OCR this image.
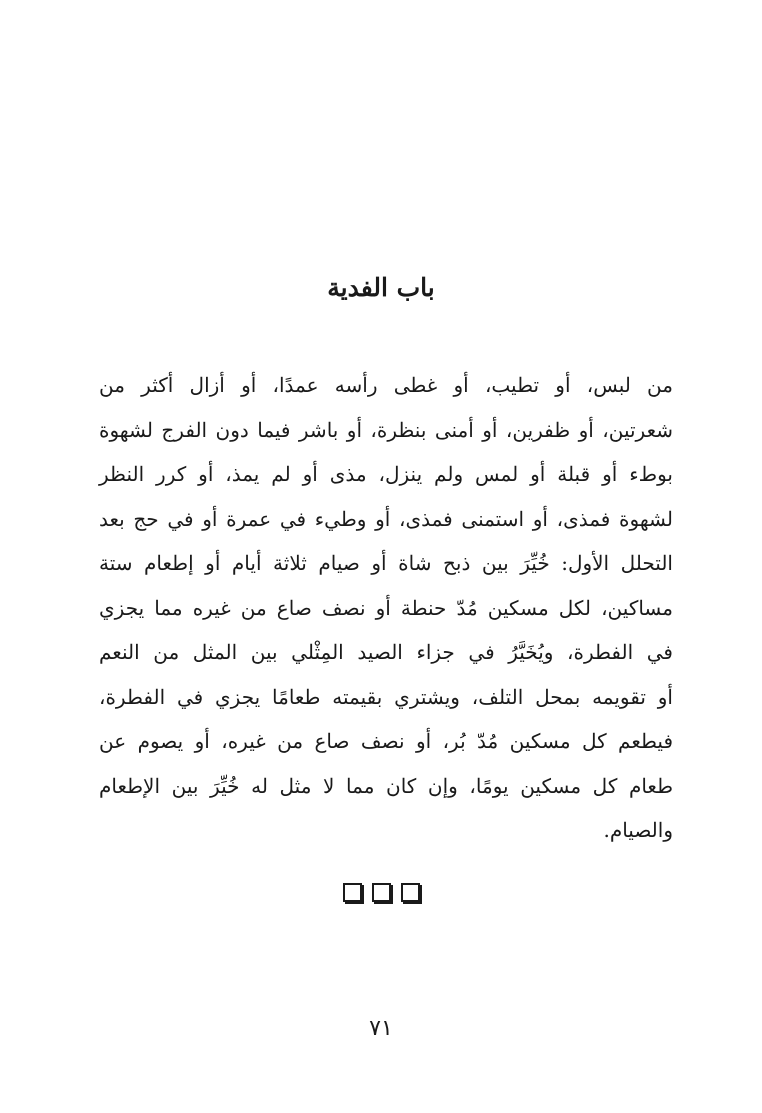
باب الفدية
من لبس، أو تطيب، أو غطى رأسه عمدًا، أو أزال أكثر من
شعرتين، أو ظفرين، أو أمنى بنظرة، أو باشر فيما دون الفرج لشهوة
بوطء أو قبلة أو لمس ولم ينزل، مذى أو لم يمذ، أو كرر النظر
لشهوة فمذى، أو استمنى فمذى، أو وطيء في عمرة أو في حج بعد
التحلل الأول: خُيِّرَ بين ذبح شاة أو صيام ثلاثة أيام أو إطعام ستة
مساكين، لكل مسكين مُدّ حنطة أو نصف صاع من غيره مما يجزي
في الفطرة، ويُخَيَّرُ في جزاء الصيد المِثْلي بين المثل من النعم
أو تقويمه بمحل التلف، ويشتري بقيمته طعامًا يجزي في الفطرة،
فيطعم كل مسكين مُدّ بُر، أو نصف صاع من غيره، أو يصوم عن
طعام كل مسكين يومًا، وإن كان مما لا مثل له خُيِّرَ بين الإطعام
والصيام.

٧١
